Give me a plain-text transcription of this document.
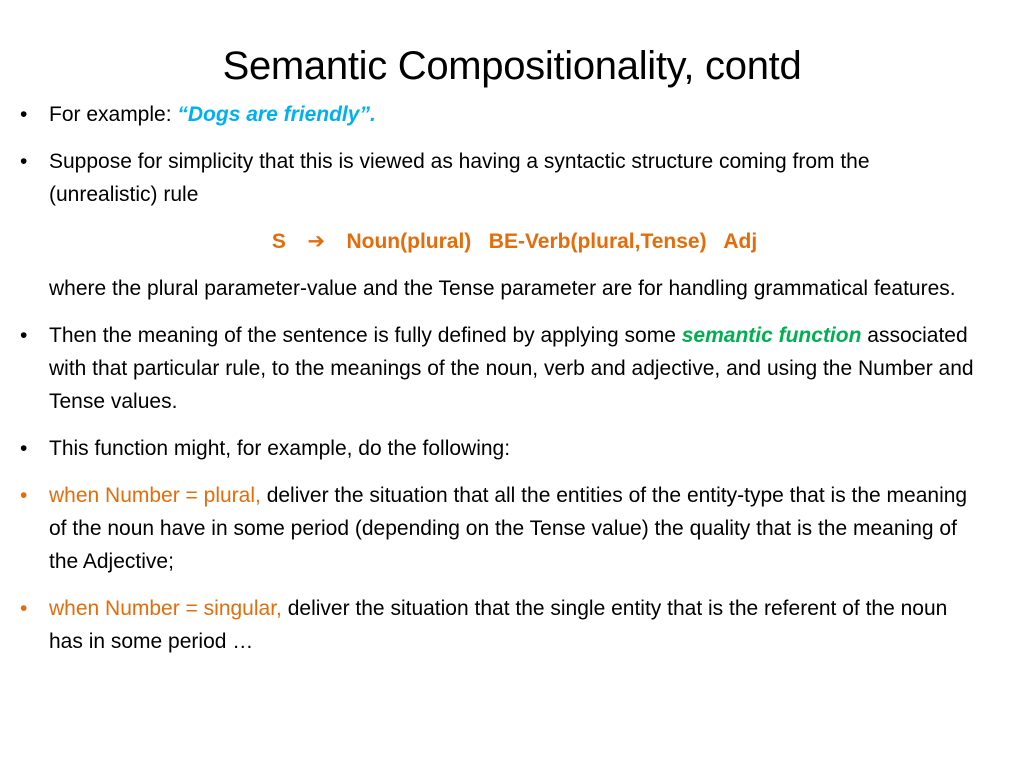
Semantic Compositionality, contd
•	For example: “Dogs are friendly”.
•	Suppose for simplicity that this is viewed as having a syntactic structure coming from the (unrealistic) rule
S ➔ Noun(plural)   BE-Verb(plural,Tense)   Adj
where the plural parameter-value and the Tense parameter are for handling grammatical features.
•	Then the meaning of the sentence is fully defined by applying some semantic function associated with that particular rule, to the meanings of the noun, verb and adjective, and using the Number and Tense values.
•	This function might, for example, do the following:
•	when Number = plural, deliver the situation that all the entities of the entity-type that is the meaning of the noun have in some period (depending on the Tense value) the quality that is the meaning of the Adjective;
•	when Number = singular, deliver the situation that the single entity that is the referent of the noun has in some period …
